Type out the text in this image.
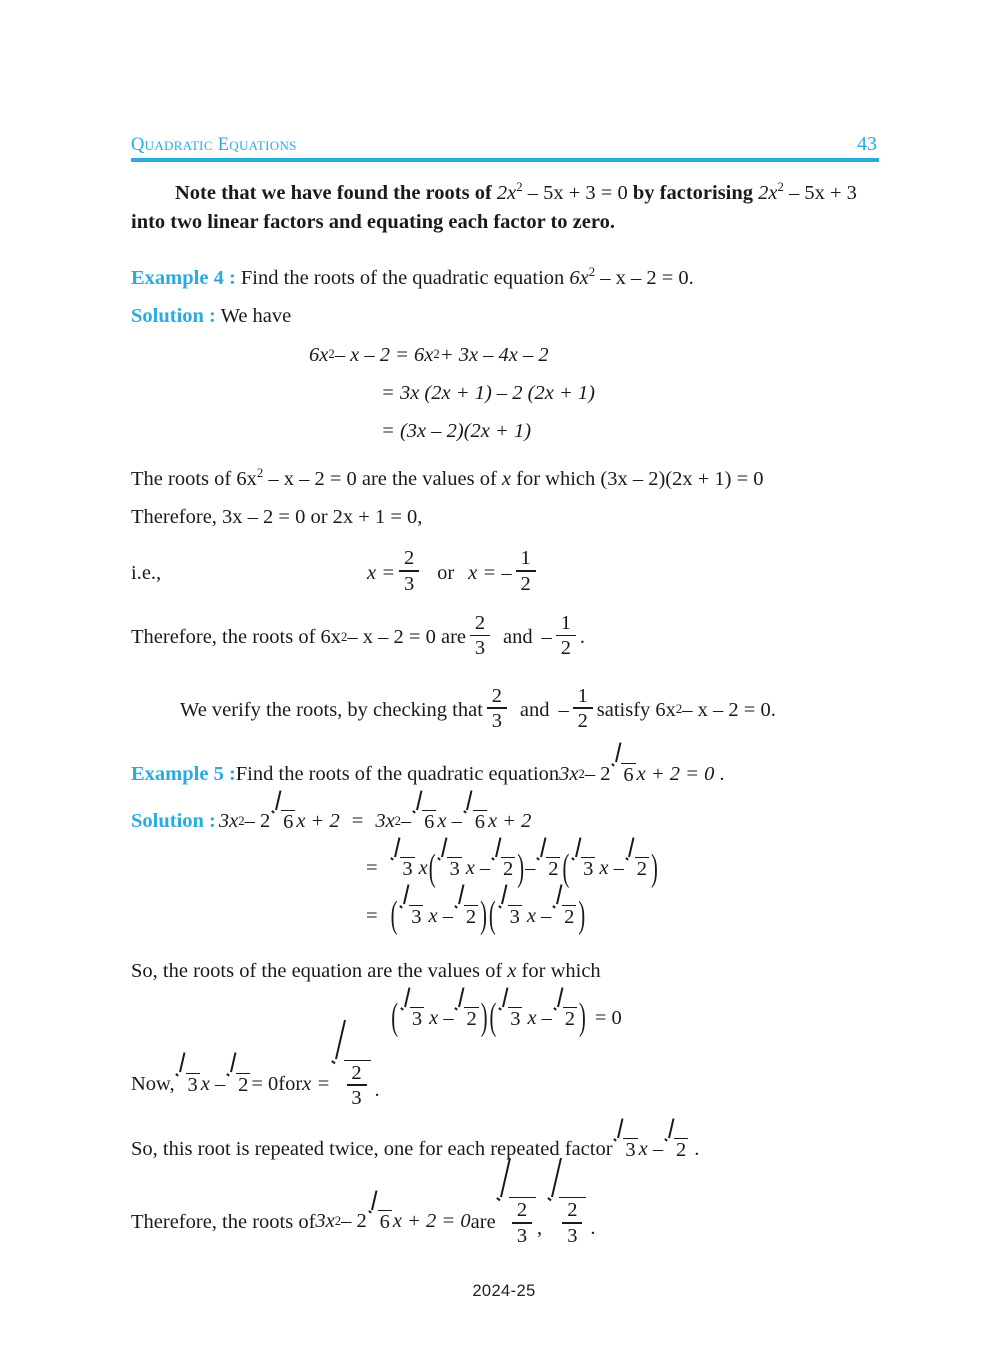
Quadratic Equations	43

Note that we have found the roots of $2x^2 - 5x + 3 = 0$ by factorising $2x^2 - 5x + 3$ into two linear factors and equating each factor to zero.

Example 4 : Find the roots of the quadratic equation $6x^2 - x - 2 = 0$.

Solution : We have

6x 2 – x – 2 = 6x 2 + 3x – 4x – 2
= 3x (2x + 1) – 2 (2x + 1)
= (3x – 2)(2x + 1)

The roots of $6x^2 - x - 2 = 0$ are the values of x for which (3x – 2)(2x + 1) = 0

Therefore, 3x – 2 = 0 or 2x + 1 = 0,

i.e.,	$x = \frac{2}{3}$ or x = – $\frac{1}{2}$
Therefore, the roots of 6x 2 – x – 2 = 0 are $\frac{2}{3}$ and – $\frac{1}{2}$ .
We verify the roots, by checking that $\frac{2}{3}$ and – $\frac{1}{2}$ satisfy 6x 2 – x – 2 = 0.
Example 5 : Find the roots of the quadratic equation 3x 2 – 2 6 x + 2 = 0 .
Solution : 3x 2 – 2 6 x + 2 = 3x 2 – 6 x – 6 x + 2
=	3 x ( 3 x – 2 ) – 2 ( 3 x – 2 )
= ( 3 x – 2 ) ( 3 x – 2 )

So, the roots of the equation are the values of x for which

( 3 x – 2 ) ( 3 x – 2 ) = 0
Now, 3 x – 2 = 0 for $x = \frac{2}{3}$ .
So, this root is repeated twice, one for each repeated factor 3 x – 2 .
Therefore, the roots of 3x 2 – 2 6 x + 2 = 0 are $\frac{2}{3}$ , $\frac{2}{3}$ .
2024-25
